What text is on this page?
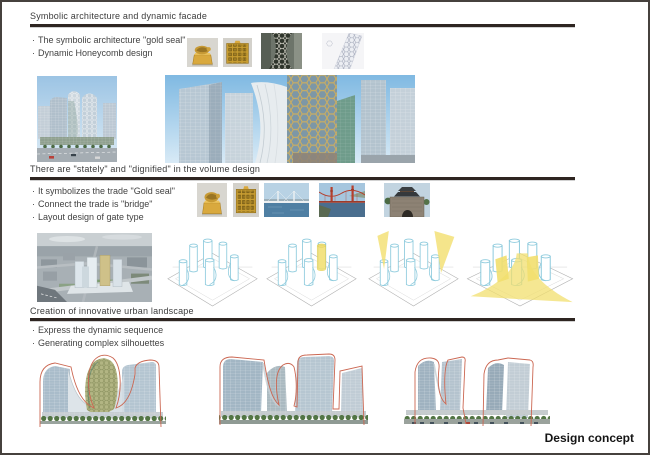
Symbolic architecture and dynamic facade
· The symbolic architecture "gold seal"
· Dynamic Honeycomb design
There are "stately" and "dignified" in the volume design
· It symbolizes the trade "Gold seal"
· Connect the trade is "bridge"
· Layout design of gate type
Creation of innovative urban landscape
· Express the dynamic sequence
· Generating complex silhouettes
Design concept
